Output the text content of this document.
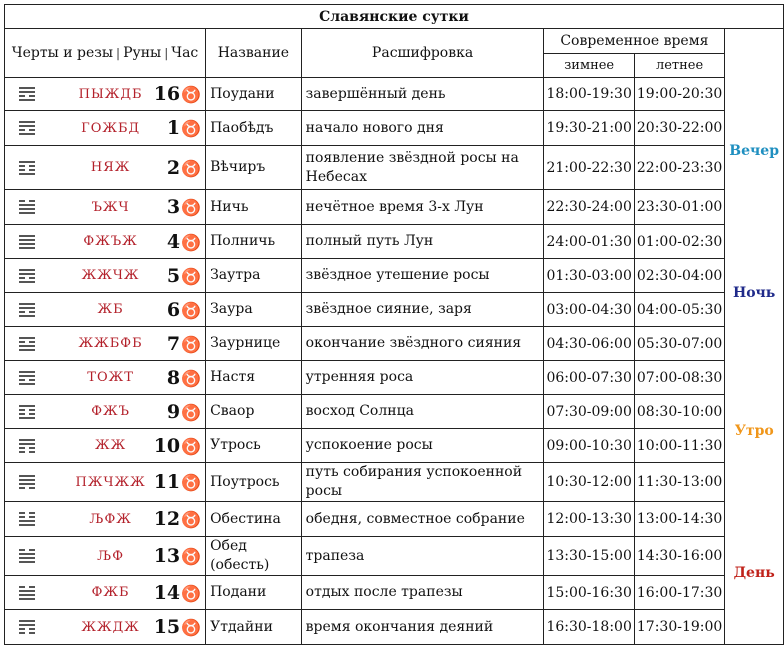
Славянские сутки							
Черты и резы | Руны | Час			Название	Расшифровка	Современное время		
					зимнее	летнее	

	ПЫЖДБ	16♉	Поудани	завершённый день	18:00-19:30	19:00-20:30	Вечер

	ГОЖБД	1♉	Паобѣдъ	начало нового дня	19:30-21:00	20:30-22:00	

	НЯЖ	2♉	Вѣчиръ	появление звёздной росы на Небесах	21:00-22:30	22:00-23:30	

	ЪЖЧ	3♉	Ничь	нечётное время 3-х Лун	22:30-24:00	23:30-01:00	

	ФЖЪЖ	4♉	Полничь	полный путь Лун	24:00-01:30	01:00-02:30	Ночь

	ЖЖЧЖ	5♉	Заутра	звёздное утешение росы	01:30-03:00	02:30-04:00	

	ЖБ	6♉	Заура	звёздное сияние, заря	03:00-04:30	04:00-05:30	

	ЖЖБФБ	7♉	Заурнице	окончание звёздного сияния	04:30-06:00	05:30-07:00	

	ТОЖТ	8♉	Настя	утренняя роса	06:00-07:30	07:00-08:30	Утро

	ФЖЪ	9♉	Сваор	восход Солнца	07:30-09:00	08:30-10:00	

	ЖЖ	10♉	Утрось	успокоение росы	09:00-10:30	10:00-11:30	

	ПЖЧЖЖ	11♉	Поутрось	путь собирания успокоенной росы	10:30-12:00	11:30-13:00	

	ЉФЖ	12♉	Обестина	обедня, совместное собрание	12:00-13:30	13:00-14:30	День

	ЉФ	13♉	Обед (обесть)	трапеза	13:30-15:00	14:30-16:00	

	ФЖБ	14♉	Подани	отдых после трапезы	15:00-16:30	16:00-17:30	

	ЖЖДЖ	15♉	Утдайни	время окончания деяний	16:30-18:00	17:30-19:00	
